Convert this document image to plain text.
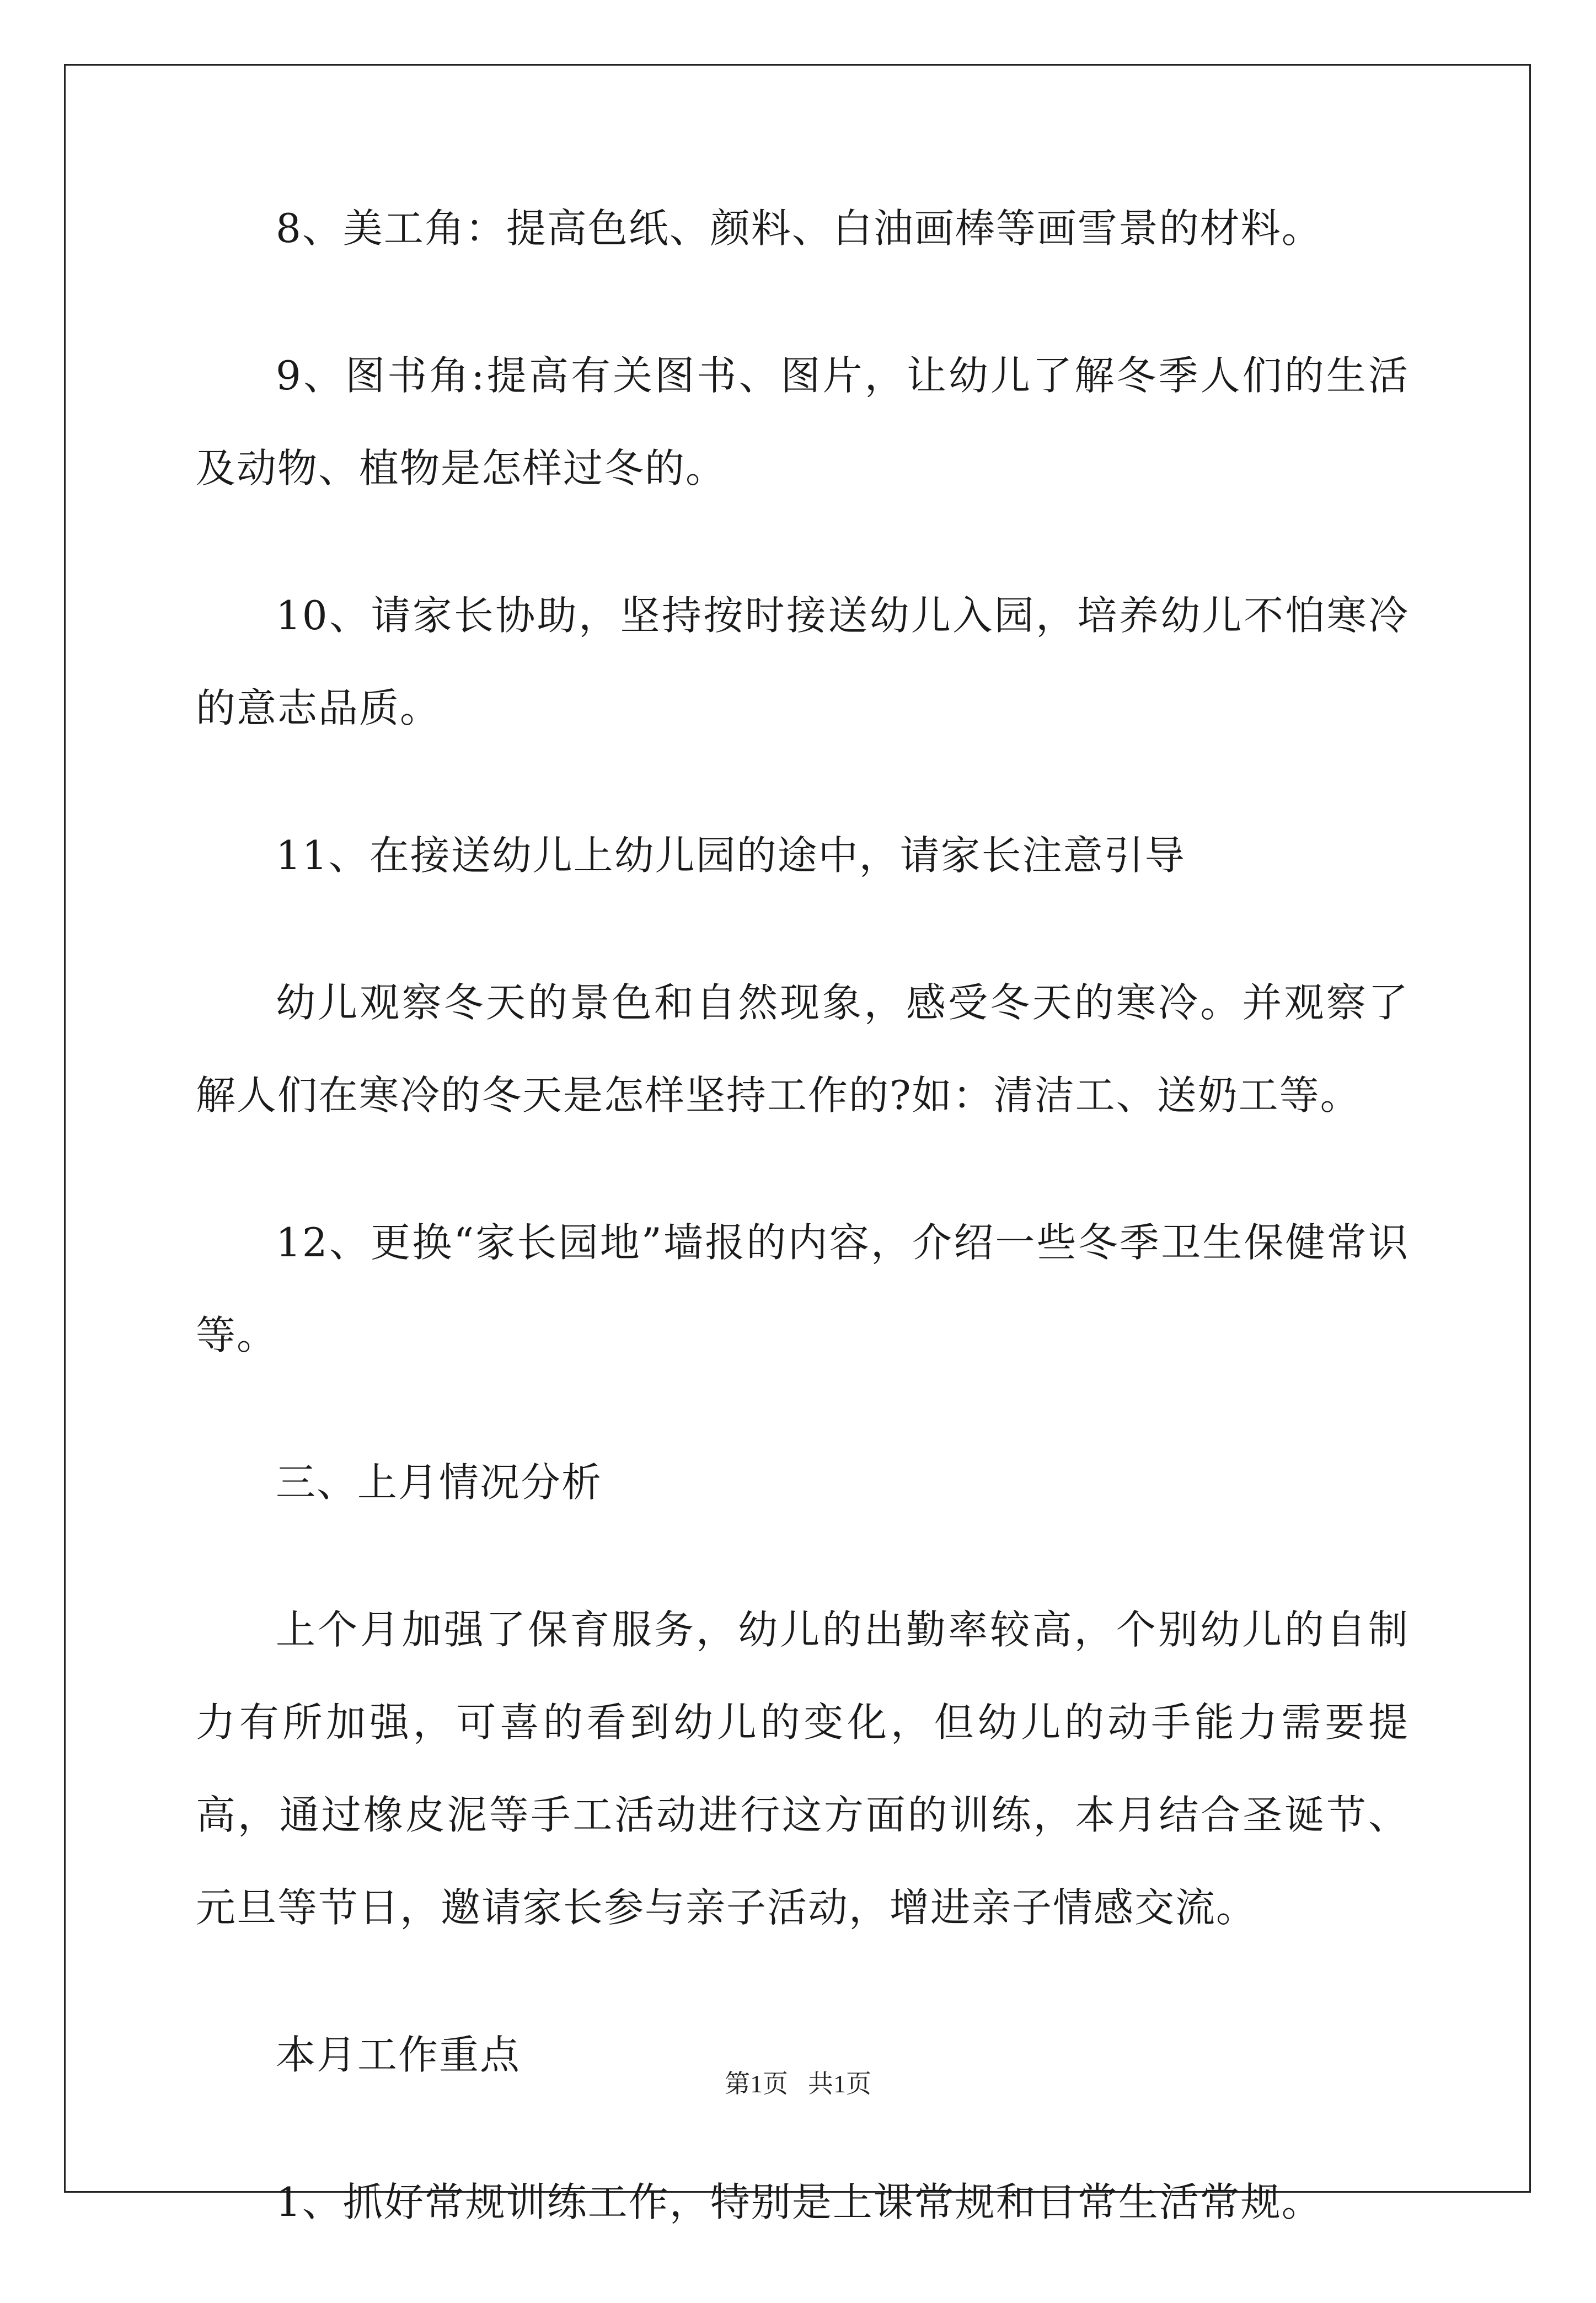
8、美工角：提高色纸、颜料、白油画棒等画雪景的材料。

9、图书角:提高有关图书、图片，让幼儿了解冬季人们的生活及动物、植物是怎样过冬的。

10、请家长协助，坚持按时接送幼儿入园，培养幼儿不怕寒冷的意志品质。

11、在接送幼儿上幼儿园的途中，请家长注意引导

幼儿观察冬天的景色和自然现象，感受冬天的寒冷。并观察了解人们在寒冷的冬天是怎样坚持工作的?如：清洁工、送奶工等。

12、更换“家长园地”墙报的内容，介绍一些冬季卫生保健常识等。

三、上月情况分析

上个月加强了保育服务，幼儿的出勤率较高，个别幼儿的自制力有所加强，可喜的看到幼儿的变化，但幼儿的动手能力需要提高，通过橡皮泥等手工活动进行这方面的训练，本月结合圣诞节、元旦等节日，邀请家长参与亲子活动，增进亲子情感交流。

本月工作重点

1、抓好常规训练工作，特别是上课常规和日常生活常规。

第1页 共1页
